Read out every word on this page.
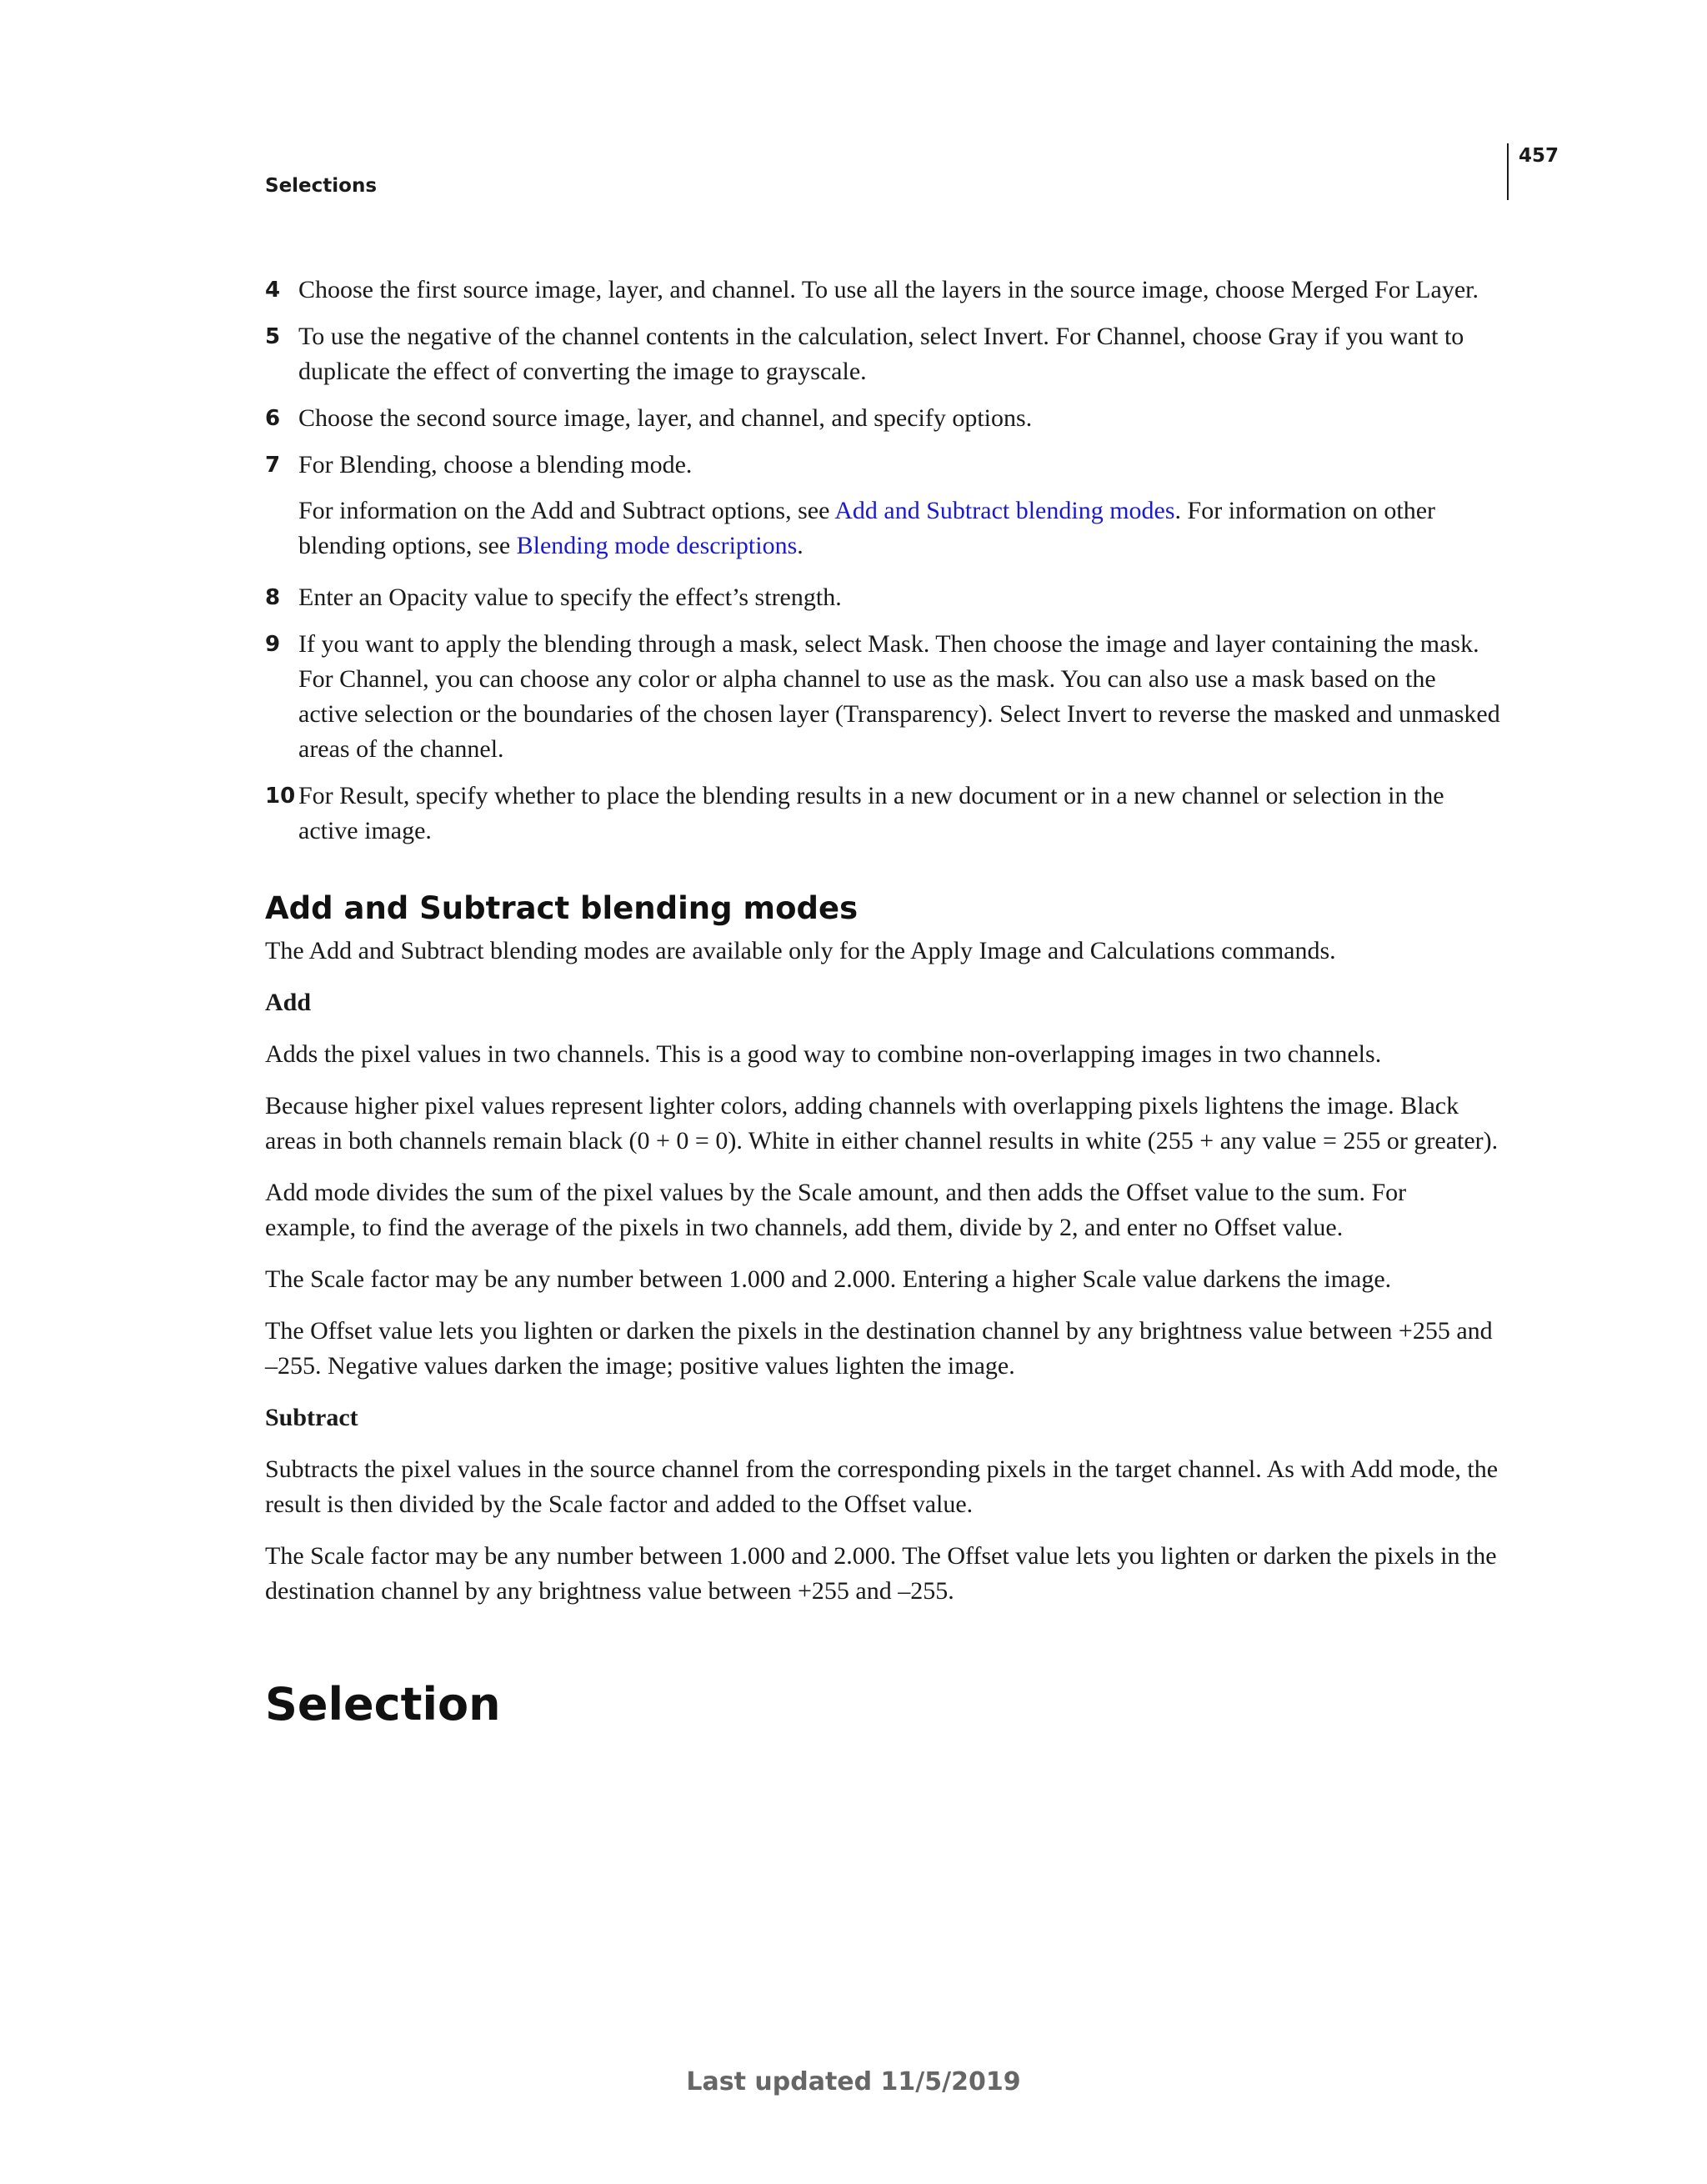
Selections
457
4 Choose the first source image, layer, and channel. To use all the layers in the source image, choose Merged For Layer.
5 To use the negative of the channel contents in the calculation, select Invert. For Channel, choose Gray if you want to duplicate the effect of converting the image to grayscale.
6 Choose the second source image, layer, and channel, and specify options.
7 For Blending, choose a blending mode.
For information on the Add and Subtract options, see Add and Subtract blending modes. For information on other blending options, see Blending mode descriptions.
8 Enter an Opacity value to specify the effect’s strength.
9 If you want to apply the blending through a mask, select Mask. Then choose the image and layer containing the mask. For Channel, you can choose any color or alpha channel to use as the mask. You can also use a mask based on the active selection or the boundaries of the chosen layer (Transparency). Select Invert to reverse the masked and unmasked areas of the channel.
10 For Result, specify whether to place the blending results in a new document or in a new channel or selection in the active image.
Add and Subtract blending modes

The Add and Subtract blending modes are available only for the Apply Image and Calculations commands.

Add

Adds the pixel values in two channels. This is a good way to combine non-overlapping images in two channels.

Because higher pixel values represent lighter colors, adding channels with overlapping pixels lightens the image. Black areas in both channels remain black (0 + 0 = 0). White in either channel results in white (255 + any value = 255 or greater).

Add mode divides the sum of the pixel values by the Scale amount, and then adds the Offset value to the sum. For example, to find the average of the pixels in two channels, add them, divide by 2, and enter no Offset value.

The Scale factor may be any number between 1.000 and 2.000. Entering a higher Scale value darkens the image.

The Offset value lets you lighten or darken the pixels in the destination channel by any brightness value between +255 and –255. Negative values darken the image; positive values lighten the image.

Subtract

Subtracts the pixel values in the source channel from the corresponding pixels in the target channel. As with Add mode, the result is then divided by the Scale factor and added to the Offset value.

The Scale factor may be any number between 1.000 and 2.000. The Offset value lets you lighten or darken the pixels in the destination channel by any brightness value between +255 and –255.

Selection
Last updated 11/5/2019
